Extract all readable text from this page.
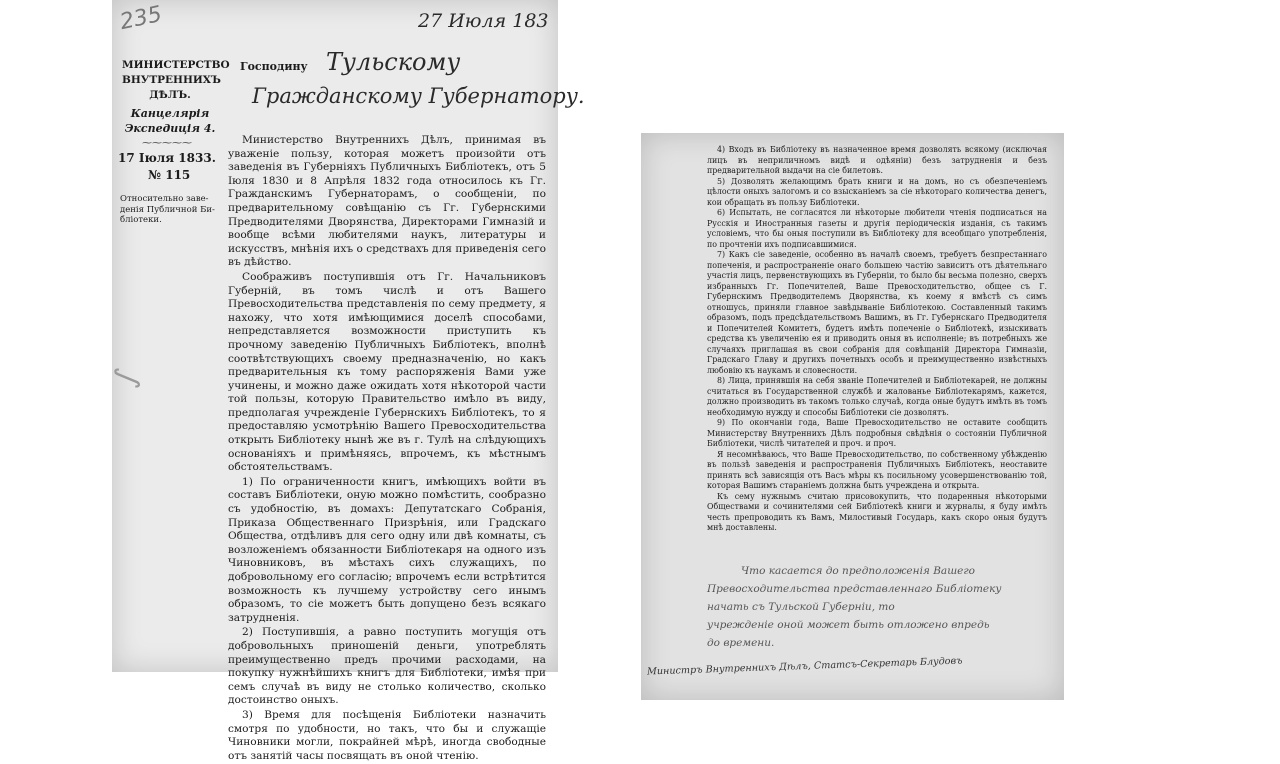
235	27 Июля 183
МИНИСТЕРСТВО
ВНУТРЕННИХЪ
ДѢЛЪ.
Канцелярія
Экспедиція 4.
⁓⁓⁓⁓⁓
Господину Тульскому
Гражданскому Губернатору.
17 Іюля 1833.
№ 115
Относительно заве-
денія Публичной Би-
бліотеки.
∫

Министерство Внутреннихъ Дѣлъ, принимая въ уваженіе пользу, которая можетъ произойти отъ заведенія въ Губерніяхъ Публичныхъ Библіотекъ, отъ 5 Іюля 1830 и 8 Апрѣля 1832 года относилось къ Гг. Гражданскимъ Губернаторамъ, о сообщеніи, по предварительному совѣщанію съ Гг. Губернскими Предводителями Дворянства, Директорами Гимназій и вообще всѣми любителями наукъ, литературы и искусствъ, мнѣнія ихъ о средствахъ для приведенія сего въ дѣйство.

Соображивъ поступившія отъ Гг. Начальниковъ Губерній, въ томъ числѣ и отъ Вашего Превосходительства представленія по сему предмету, я нахожу, что хотя имѣющимися доселѣ способами, непредставляется возможности приступить къ прочному заведенію Публичныхъ Библіотекъ, вполнѣ соотвѣтствующихъ своему предназначенію, но какъ предварительныя къ тому распоряженія Вами уже учинены, и можно даже ожидать хотя нѣкоторой части той пользы, которую Правительство имѣло въ виду, предполагая учрежденіе Губернскихъ Библіотекъ, то я предоставляю усмотрѣнію Вашего Превосходительства открыть Библіотеку нынѣ же въ г. Тулѣ на слѣдующихъ основаніяхъ и примѣняясь, впрочемъ, къ мѣстнымъ обстоятельствамъ.

1) По ограниченности книгъ, имѣющихъ войти въ составъ Библіотеки, оную можно помѣстить, сообразно съ удобностію, въ домахъ: Депутатскаго Собранія, Приказа Общественнаго Призрѣнія, или Градскаго Общества, отдѣливъ для сего одну или двѣ комнаты, съ возложеніемъ обязанности Библіотекаря на одного изъ Чиновниковъ, въ мѣстахъ сихъ служащихъ, по добровольному его согласію; впрочемъ если встрѣтится возможность къ лучшему устройству сего инымъ образомъ, то сіе можетъ быть допущено безъ всякаго затрудненія.

2) Поступившія, а равно поступить могущія отъ добровольныхъ приношеній деньги, употреблять преимущественно предъ прочими расходами, на покупку нужнѣйшихъ книгъ для Библіотеки, имѣя при семъ случаѣ въ виду не столько количество, сколько достоинство оныхъ.

3) Время для посѣщенія Библіотеки назначить смотря по удобности, но такъ, что бы и служащіе Чиновники могли, покрайней мѣрѣ, иногда свободные отъ занятій часы посвящать въ оной чтенію.

4) Входъ въ Библіотеку въ назначенное время дозволять всякому (исключая лицъ въ неприличномъ видѣ и одѣяніи) безъ затрудненія и безъ предварительной выдачи на сіе билетовъ.

5) Дозволять желающимъ брать книги и на домъ, но съ обезпеченіемъ цѣлости оныхъ залогомъ и со взысканіемъ за сіе нѣкотораго количества денегъ, кои обращать въ пользу Библіотеки.

6) Испытать, не согласятся ли нѣкоторые любители чтенія подписаться на Русскія и Иностранныя газеты и другія періодическія изданія, съ такимъ условіемъ, что бы оныя поступили въ Библіотеку для всеобщаго употребленія, по прочтеніи ихъ подписавшимися.

7) Какъ сіе заведеніе, особенно въ началѣ своемъ, требуетъ безпрестаннаго попеченія, и распространеніе онаго большею частію зависитъ отъ дѣятельнаго участія лицъ, первенствующихъ въ Губерніи, то было бы весьма полезно, сверхъ избранныхъ Гг. Попечителей, Ваше Превосходительство, общее съ Г. Губернскимъ Предводителемъ Дворянства, къ коему я вмѣстѣ съ симъ отношусь, приняли главное завѣдываніе Библіотекою. Составленный такимъ образомъ, подъ предсѣдательствомъ Вашимъ, въ Гг. Губернскаго Предводителя и Попечителей Комитетъ, будетъ имѣть попеченіе о Библіотекѣ, изыскивать средства къ увеличенію ея и приводить оныя въ исполненіе; въ потребныхъ же случаяхъ приглашая въ свои собранія для совѣщаній Директора Гимназіи, Градскаго Главу и другихъ почетныхъ особъ и преимущественно извѣстныхъ любовію къ наукамъ и словесности.

8) Лица, принявшія на себя званіе Попечителей и Библіотекарей, не должны считаться въ Государственной службѣ и жалованье Библіотекарямъ, кажется, должно производить въ такомъ только случаѣ, когда оные будутъ имѣть въ томъ необходимую нужду и способы Библіотеки сіе дозволятъ.

9) По окончаніи года, Ваше Превосходительство не оставите сообщить Министерству Внутреннихъ Дѣлъ подробныя свѣдѣнія о состояніи Публичной Библіотеки, числѣ читателей и проч. и проч.

Я несомнѣваюсь, что Ваше Превосходительство, по собственному убѣжденію въ пользѣ заведенія и распространенія Публичныхъ Библіотекъ, неоставите принять всѣ зависящія отъ Васъ мѣры къ посильному усовершенствованію той, которая Вашимъ стараніемъ должна быть учреждена и открыта.

Къ сему нужнымъ считаю присовокупить, что подаренныя нѣкоторыми Обществами и сочинителями сей Библіотекѣ книги и журналы, я буду имѣть честь препроводить къ Вамъ, Милостивый Государь, какъ скоро оныя будутъ мнѣ доставлены.

Что касается до предположенія Вашего
Превосходительства представленнаго Библіотеку
начать съ Тульской Губерніи, то
учрежденіе оной может быть отложено впредь
до времени.
Министръ Внутреннихъ Дѣлъ, Статсъ-Секретарь Блудовъ
